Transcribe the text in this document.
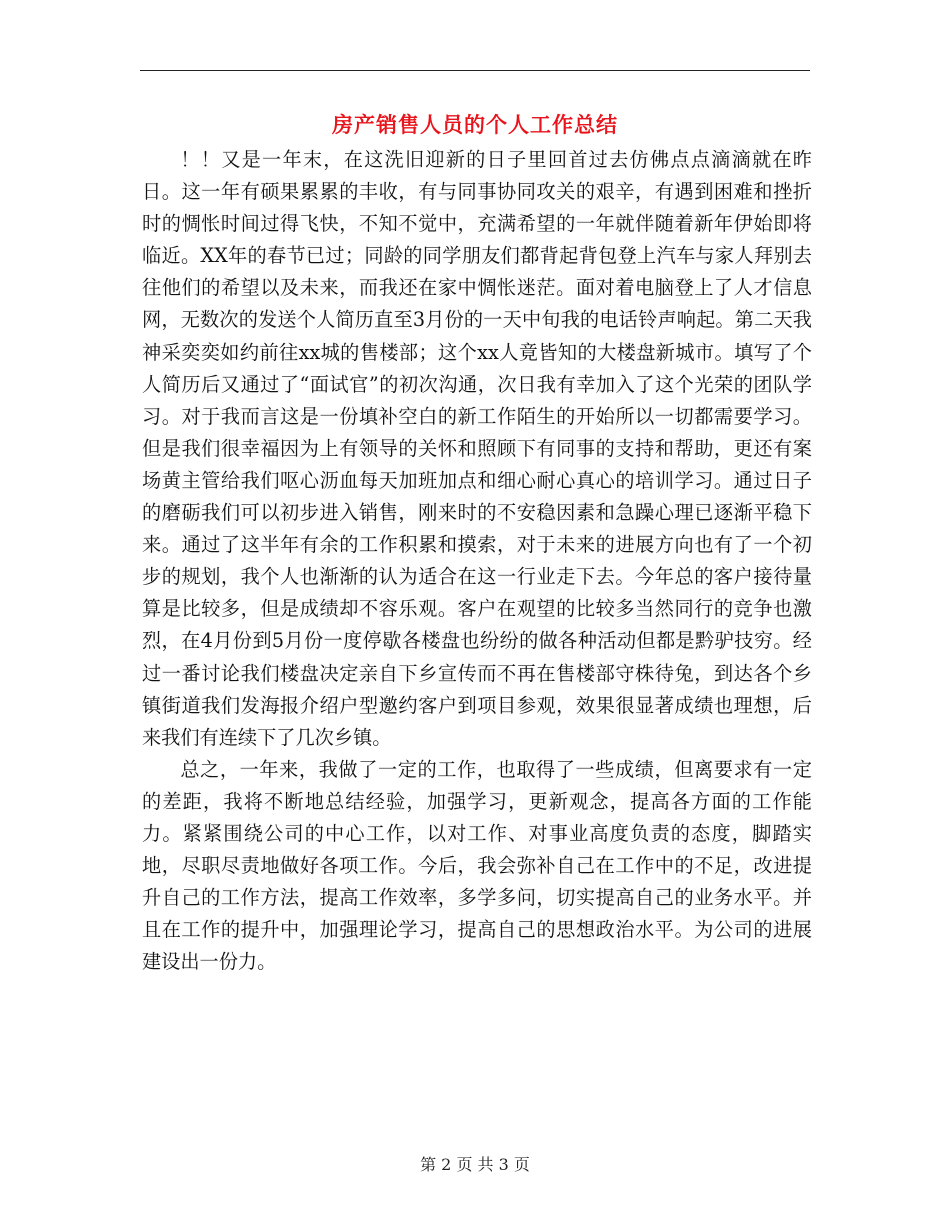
房产销售人员的个人工作总结

！！又是一年末，在这洗旧迎新的日子里回首过去仿佛点点滴滴就在昨日。这一年有硕果累累的丰收，有与同事协同攻关的艰辛，有遇到困难和挫折时的惆怅时间过得飞快，不知不觉中，充满希望的一年就伴随着新年伊始即将临近。XX年的春节已过；同龄的同学朋友们都背起背包登上汽车与家人拜别去往他们的希望以及未来，而我还在家中惆怅迷茫。面对着电脑登上了人才信息网，无数次的发送个人简历直至3月份的一天中旬我的电话铃声响起。第二天我神采奕奕如约前往xx城的售楼部；这个xx人竟皆知的大楼盘新城市。填写了个人简历后又通过了“面试官”的初次沟通，次日我有幸加入了这个光荣的团队学习。对于我而言这是一份填补空白的新工作陌生的开始所以一切都需要学习。但是我们很幸福因为上有领导的关怀和照顾下有同事的支持和帮助，更还有案场黄主管给我们呕心沥血每天加班加点和细心耐心真心的培训学习。通过日子的磨砺我们可以初步进入销售，刚来时的不安稳因素和急躁心理已逐渐平稳下来。通过了这半年有余的工作积累和摸索，对于未来的进展方向也有了一个初步的规划，我个人也渐渐的认为适合在这一行业走下去。今年总的客户接待量算是比较多，但是成绩却不容乐观。客户在观望的比较多当然同行的竞争也激烈，在4月份到5月份一度停歇各楼盘也纷纷的做各种活动但都是黔驴技穷。经过一番讨论我们楼盘决定亲自下乡宣传而不再在售楼部守株待兔，到达各个乡镇街道我们发海报介绍户型邀约客户到项目参观，效果很显著成绩也理想，后来我们有连续下了几次乡镇。

总之，一年来，我做了一定的工作，也取得了一些成绩，但离要求有一定的差距，我将不断地总结经验，加强学习，更新观念，提高各方面的工作能力。紧紧围绕公司的中心工作，以对工作、对事业高度负责的态度，脚踏实地，尽职尽责地做好各项工作。今后，我会弥补自己在工作中的不足，改进提升自己的工作方法，提高工作效率，多学多问，切实提高自己的业务水平。并且在工作的提升中，加强理论学习，提高自己的思想政治水平。为公司的进展建设出一份力。

第 2 页 共 3 页
